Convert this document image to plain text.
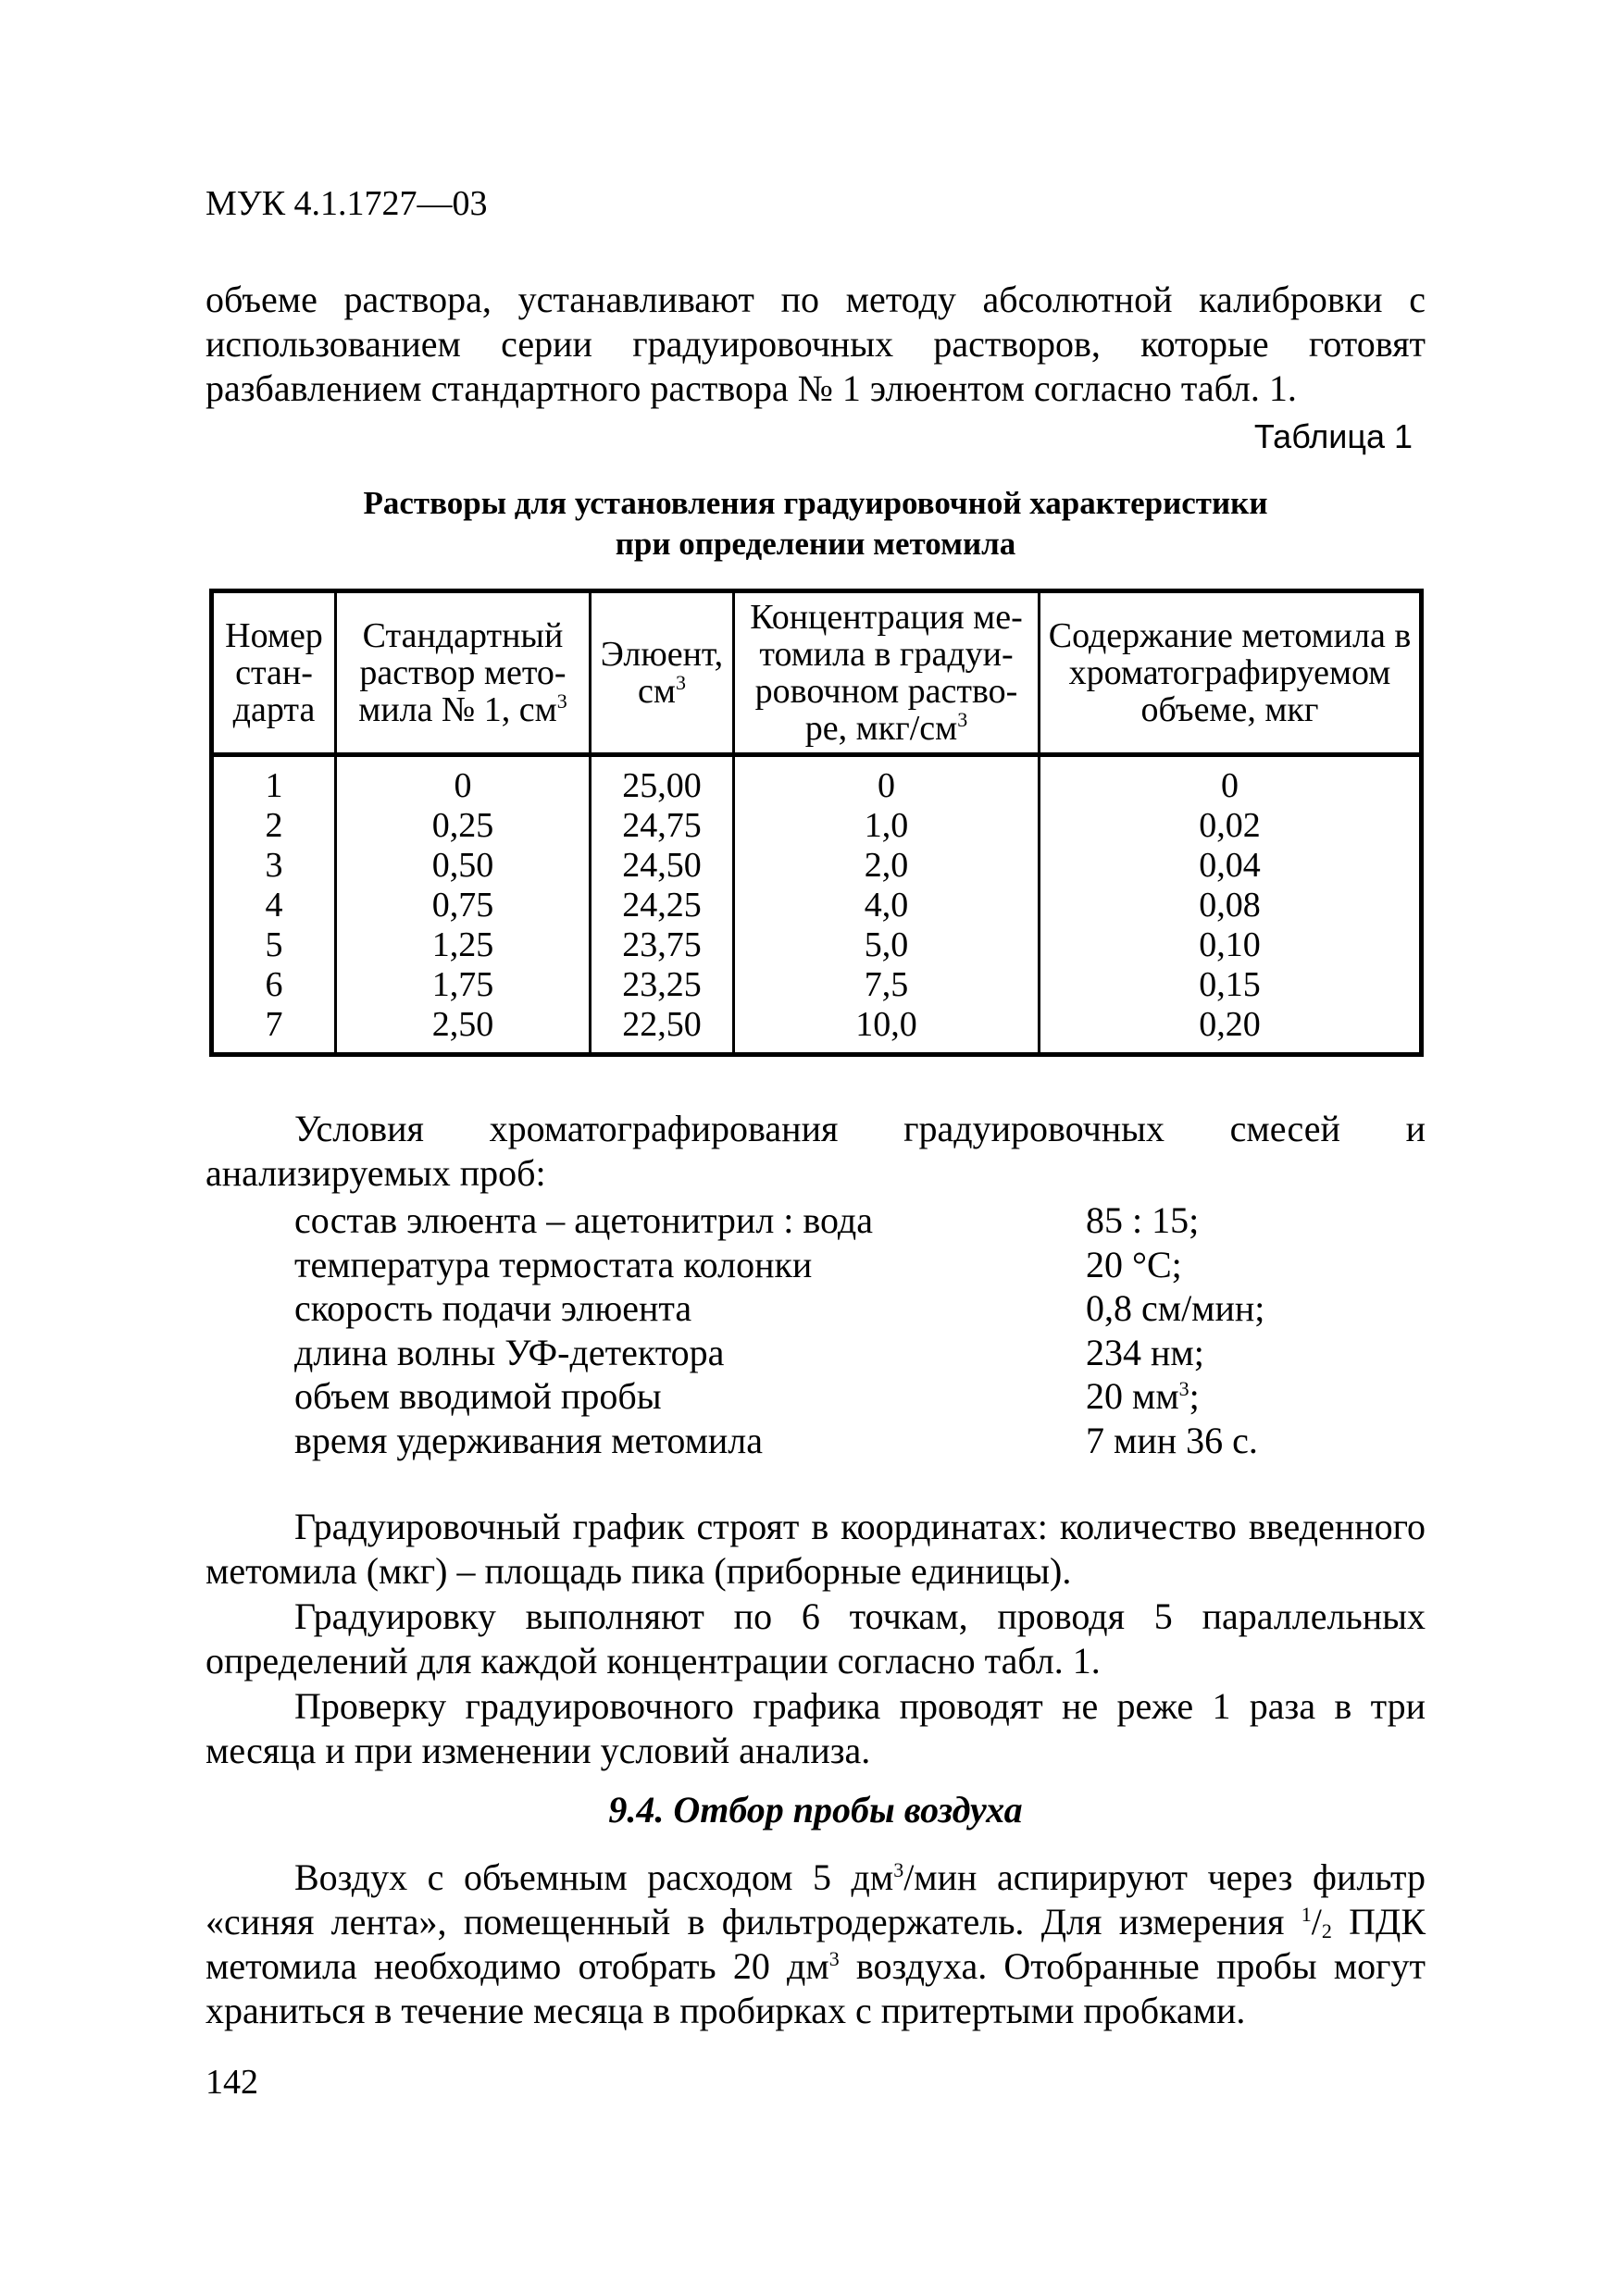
МУК 4.1.1727—03
объеме раствора, устанавливают по методу абсолютной калибровки с использованием серии градуировочных растворов, которые готовят разбавлением стандартного раствора № 1 элюентом согласно табл. 1.
Таблица 1
Растворы для установления градуировочной характеристики
при определении метомила
Номер стан-дарта	Стандартный раствор мето-мила № 1, $см^3$	Элюент, $см^3$	Концентрация ме-томила в градуи-ровочном раство-ре, мкг/$см^3$	Содержание метомила в хроматографируемом объеме, мкг
1	0	25,00	0	0
2	0,25	24,75	1,0	0,02
3	0,50	24,50	2,0	0,04
4	0,75	24,25	4,0	0,08
5	1,25	23,75	5,0	0,10
6	1,75	23,25	7,5	0,15
7	2,50	22,50	10,0	0,20
Условия хроматографирования градуировочных смесей и анализируемых проб:
состав элюента – ацетонитрил : вода	85 : 15;
температура термостата колонки	20 °С;
скорость подачи элюента	0,8 см/мин;
длина волны УФ-детектора	234 нм;
объем вводимой пробы	20 $мм^3$;
время удерживания метомила	7 мин 36 с.
Градуировочный график строят в координатах: количество введенного метомила (мкг) – площадь пика (приборные единицы).
Градуировку выполняют по 6 точкам, проводя 5 параллельных определений для каждой концентрации согласно табл. 1.
Проверку градуировочного графика проводят не реже 1 раза в три месяца и при изменении условий анализа.
9.4. Отбор пробы воздуха
Воздух с объемным расходом 5 $дм^3$/мин аспирируют через фильтр «синяя лента», помещенный в фильтродержатель. Для измерения $^1/_2$ ПДК метомила необходимо отобрать 20 $дм^3$ воздуха. Отобранные пробы могут храниться в течение месяца в пробирках с притертыми пробками.
142
